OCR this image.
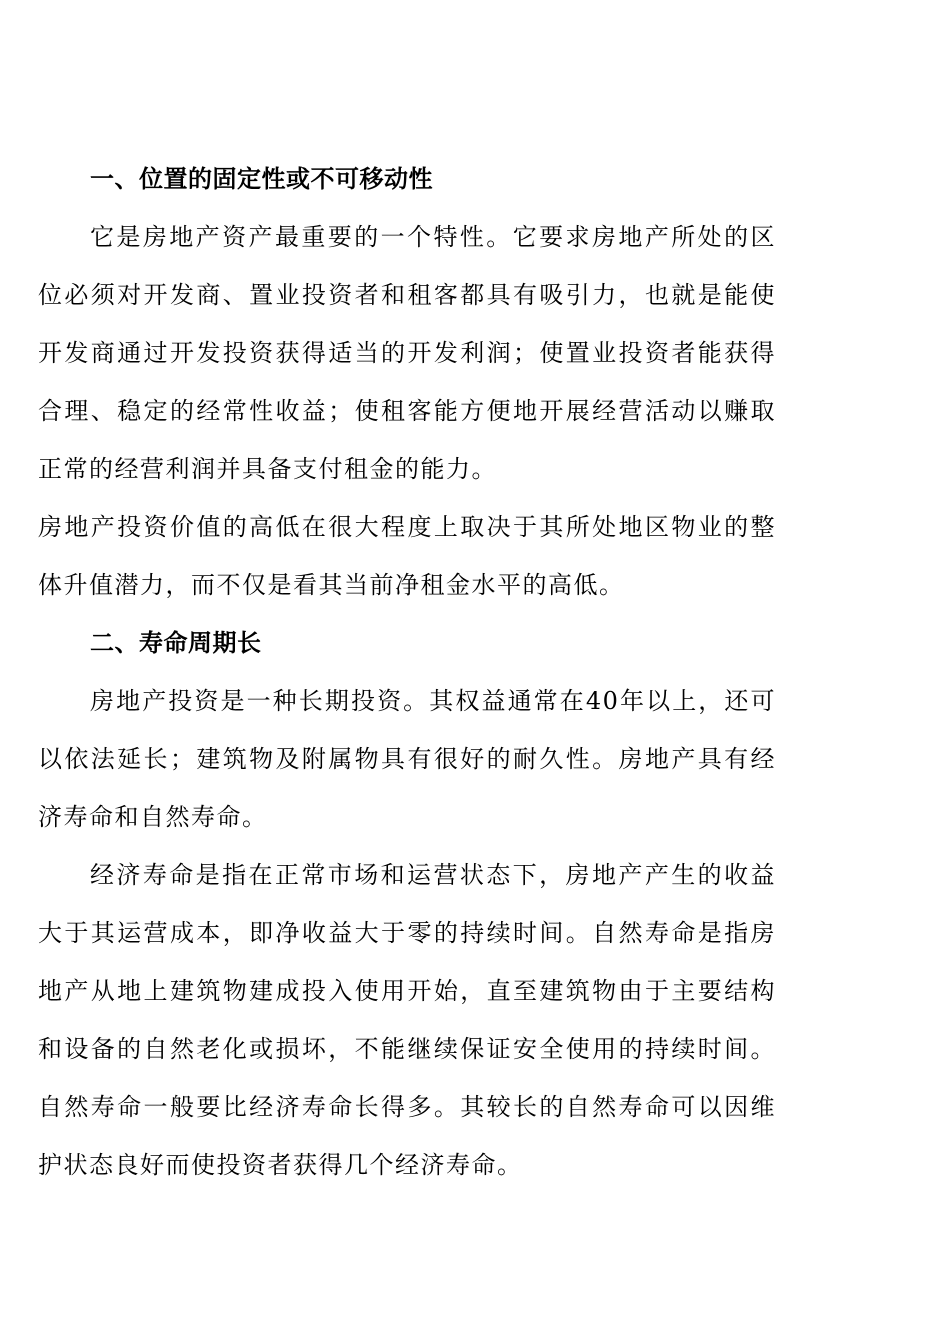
一、位置的固定性或不可移动性
它是房地产资产最重要的一个特性。它要求房地产所处的区
位必须对开发商、置业投资者和租客都具有吸引力，也就是能使
开发商通过开发投资获得适当的开发利润；使置业投资者能获得
合理、稳定的经常性收益；使租客能方便地开展经营活动以赚取
正常的经营利润并具备支付租金的能力。
房地产投资价值的高低在很大程度上取决于其所处地区物业的整
体升值潜力，而不仅是看其当前净租金水平的高低。
二、寿命周期长
房地产投资是一种长期投资。其权益通常在40年以上，还可
以依法延长；建筑物及附属物具有很好的耐久性。房地产具有经
济寿命和自然寿命。
经济寿命是指在正常市场和运营状态下，房地产产生的收益
大于其运营成本，即净收益大于零的持续时间。自然寿命是指房
地产从地上建筑物建成投入使用开始，直至建筑物由于主要结构
和设备的自然老化或损坏，不能继续保证安全使用的持续时间。
自然寿命一般要比经济寿命长得多。其较长的自然寿命可以因维
护状态良好而使投资者获得几个经济寿命。
